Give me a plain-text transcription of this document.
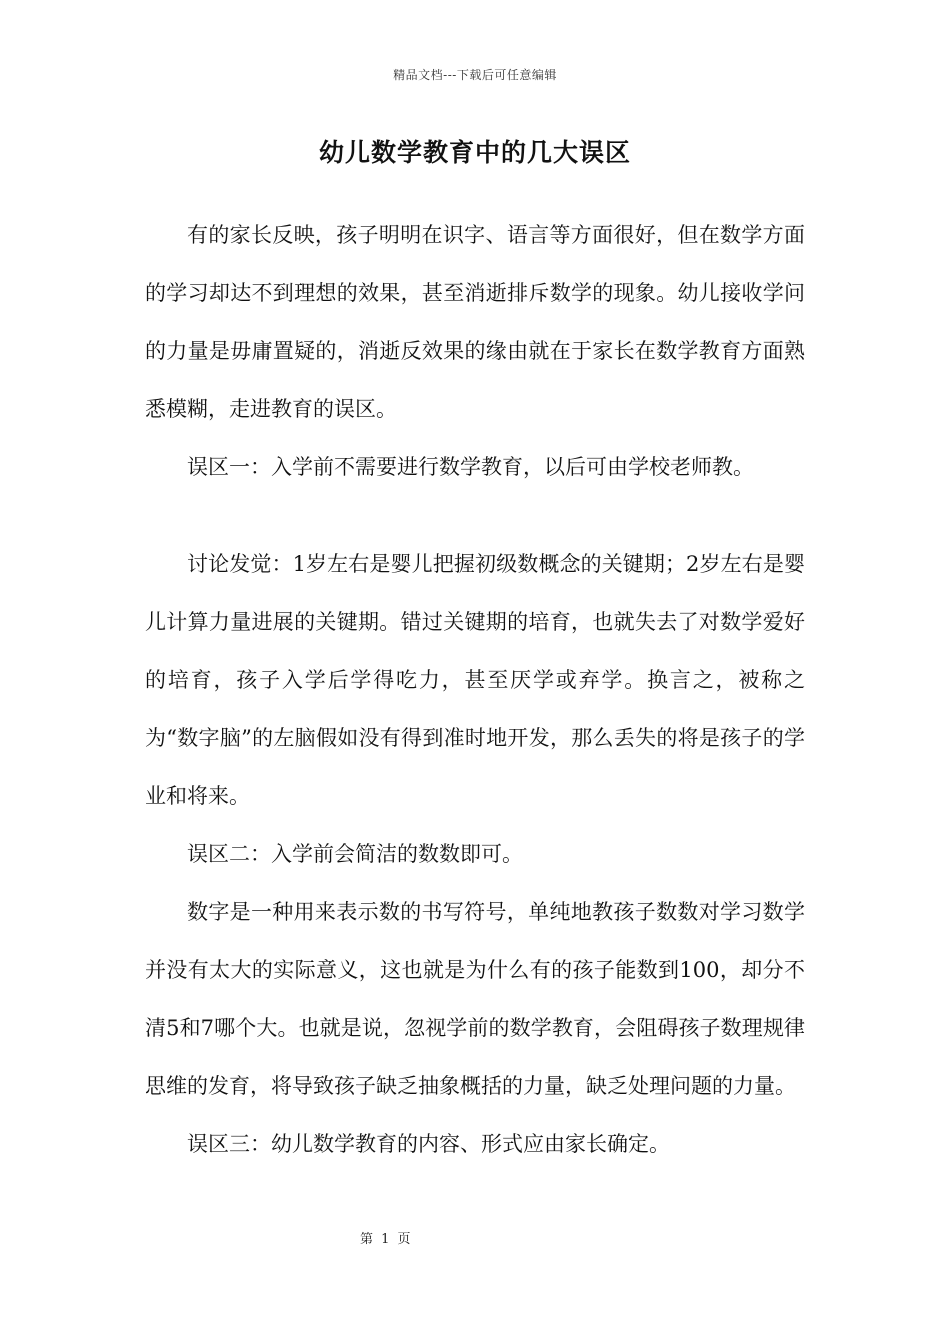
精品文档---下载后可任意编辑
幼儿数学教育中的几大误区

有的家长反映，孩子明明在识字、语言等方面很好，但在数学方面的学习却达不到理想的效果，甚至消逝排斥数学的现象。幼儿接收学问的力量是毋庸置疑的，消逝反效果的缘由就在于家长在数学教育方面熟悉模糊，走进教育的误区。

误区一：入学前不需要进行数学教育，以后可由学校老师教。

讨论发觉：1岁左右是婴儿把握初级数概念的关键期；2岁左右是婴儿计算力量进展的关键期。错过关键期的培育，也就失去了对数学爱好的培育，孩子入学后学得吃力，甚至厌学或弃学。换言之，被称之为“数字脑”的左脑假如没有得到准时地开发，那么丢失的将是孩子的学业和将来。

误区二：入学前会简洁的数数即可。

数字是一种用来表示数的书写符号，单纯地教孩子数数对学习数学并没有太大的实际意义，这也就是为什么有的孩子能数到100，却分不清5和7哪个大。也就是说，忽视学前的数学教育，会阻碍孩子数理规律思维的发育，将导致孩子缺乏抽象概括的力量，缺乏处理问题的力量。

误区三：幼儿数学教育的内容、形式应由家长确定。

第 1 页
